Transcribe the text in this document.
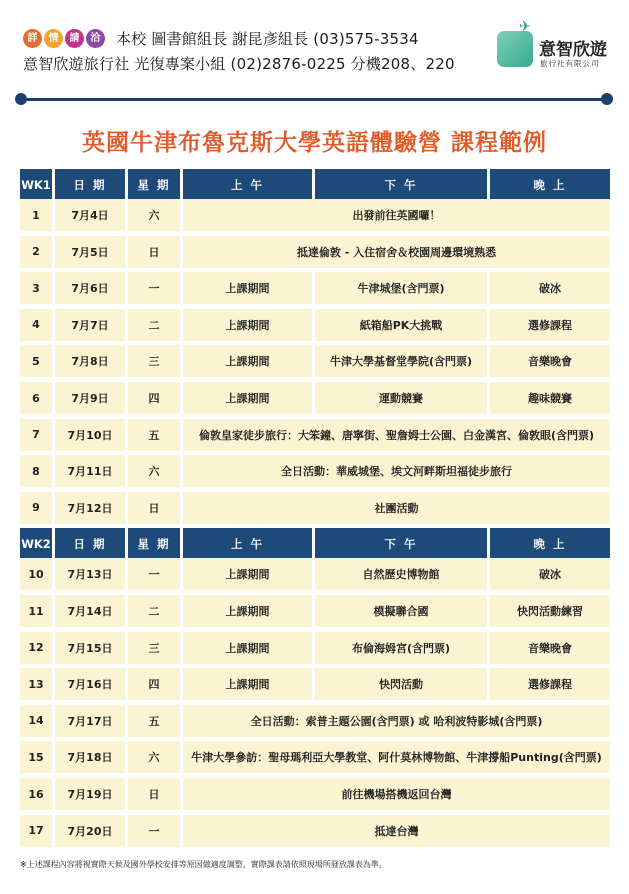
詳	情	請	洽	本校 圖書館組長 謝昆彥組長 (03)575-3534
意智欣遊旅行社 光復專案小組 (02)2876-0225 分機208、220
✈
意智欣遊
旅行社有限公司
英國牛津布魯克斯大學英語體驗營 課程範例
WK1	日 期	星 期	上 午	下 午	晚 上
1	7月4日	六	出發前往英國囉！
2	7月5日	日	抵達倫敦 - 入住宿舍＆校園周邊環境熟悉
3	7月6日	一	上課期間	牛津城堡(含門票)	破冰
4	7月7日	二	上課期間	紙箱船PK大挑戰	選修課程
5	7月8日	三	上課期間	牛津大學基督堂學院(含門票)	音樂晚會
6	7月9日	四	上課期間	運動競賽	趣味競賽
7	7月10日	五	倫敦皇家徒步旅行：大笨鐘、唐寧街、聖詹姆士公園、白金漢宮、倫敦眼(含門票)
8	7月11日	六	全日活動：華威城堡、埃文河畔斯坦福徒步旅行
9	7月12日	日	社團活動
WK2	日 期	星 期	上 午	下 午	晚 上
10	7月13日	一	上課期間	自然歷史博物館	破冰
11	7月14日	二	上課期間	模擬聯合國	快閃活動練習
12	7月15日	三	上課期間	布倫海姆宮(含門票)	音樂晚會
13	7月16日	四	上課期間	快閃活動	選修課程
14	7月17日	五	全日活動：索普主題公園(含門票) 或 哈利波特影城(含門票)
15	7月18日	六	牛津大學參訪：聖母瑪利亞大學教堂、阿什莫林博物館、牛津撐船Punting(含門票)
16	7月19日	日	前往機場搭機返回台灣
17	7月20日	一	抵達台灣
※上述課程內容將視實際天候及國外學校安排等原因做適度調整，實際課表請依照現場所發放課表為準。
